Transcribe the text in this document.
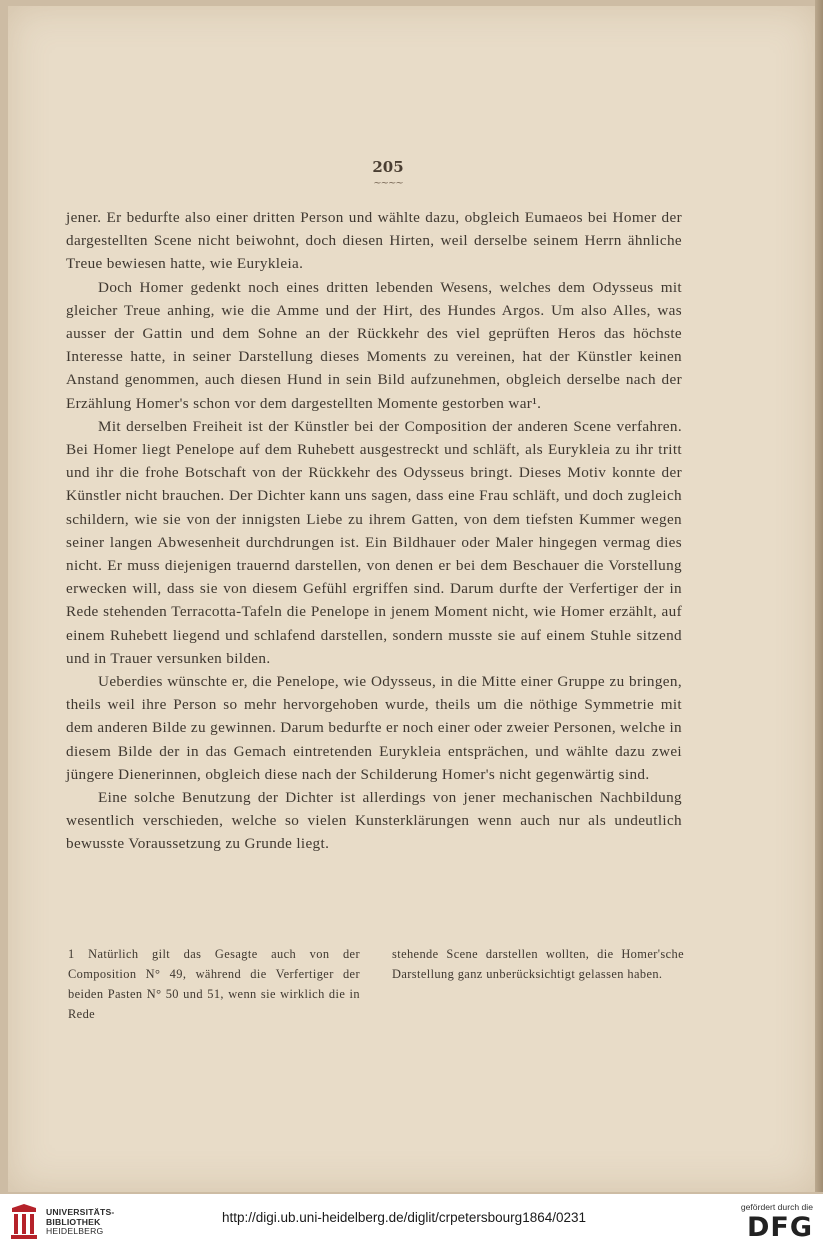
205
~~~~

jener. Er bedurfte also einer dritten Person und wählte dazu, obgleich Eumaeos bei Homer der dargestellten Scene nicht beiwohnt, doch diesen Hirten, weil derselbe seinem Herrn ähnliche Treue bewiesen hatte, wie Eurykleia.

Doch Homer gedenkt noch eines dritten lebenden Wesens, welches dem Odysseus mit gleicher Treue anhing, wie die Amme und der Hirt, des Hundes Argos. Um also Alles, was ausser der Gattin und dem Sohne an der Rückkehr des viel geprüften Heros das höchste Interesse hatte, in seiner Darstellung dieses Moments zu vereinen, hat der Künstler keinen Anstand genommen, auch diesen Hund in sein Bild aufzunehmen, obgleich derselbe nach der Erzählung Homer's schon vor dem dargestellten Momente gestorben war¹.

Mit derselben Freiheit ist der Künstler bei der Composition der anderen Scene verfahren. Bei Homer liegt Penelope auf dem Ruhebett ausgestreckt und schläft, als Eurykleia zu ihr tritt und ihr die frohe Botschaft von der Rückkehr des Odysseus bringt. Dieses Motiv konnte der Künstler nicht brauchen. Der Dichter kann uns sagen, dass eine Frau schläft, und doch zugleich schildern, wie sie von der innigsten Liebe zu ihrem Gatten, von dem tiefsten Kummer wegen seiner langen Abwesenheit durchdrungen ist. Ein Bildhauer oder Maler hingegen vermag dies nicht. Er muss diejenigen trauernd darstellen, von denen er bei dem Beschauer die Vorstellung erwecken will, dass sie von diesem Gefühl ergriffen sind. Darum durfte der Verfertiger der in Rede stehenden Terracotta-Tafeln die Penelope in jenem Moment nicht, wie Homer erzählt, auf einem Ruhebett liegend und schlafend darstellen, sondern musste sie auf einem Stuhle sitzend und in Trauer versunken bilden.

Ueberdies wünschte er, die Penelope, wie Odysseus, in die Mitte einer Gruppe zu bringen, theils weil ihre Person so mehr hervorgehoben wurde, theils um die nöthige Symmetrie mit dem anderen Bilde zu gewinnen. Darum bedurfte er noch einer oder zweier Personen, welche in diesem Bilde der in das Gemach eintretenden Eurykleia entsprächen, und wählte dazu zwei jüngere Dienerinnen, obgleich diese nach der Schilderung Homer's nicht gegenwärtig sind.

Eine solche Benutzung der Dichter ist allerdings von jener mechanischen Nachbildung wesentlich verschieden, welche so vielen Kunsterklärungen wenn auch nur als undeutlich bewusste Voraussetzung zu Grunde liegt.

1 Natürlich gilt das Gesagte auch von der Composition N° 49, während die Verfertiger der beiden Pasten N° 50 und 51, wenn sie wirklich die in Rede
stehende Scene darstellen wollten, die Homer'sche Darstellung ganz unberücksichtigt gelassen haben.
UNIVERSITÄTS-
BIBLIOTHEK
HEIDELBERG
http://digi.ub.uni-heidelberg.de/diglit/crpetersbourg1864/0231
gefördert durch die
DFG
